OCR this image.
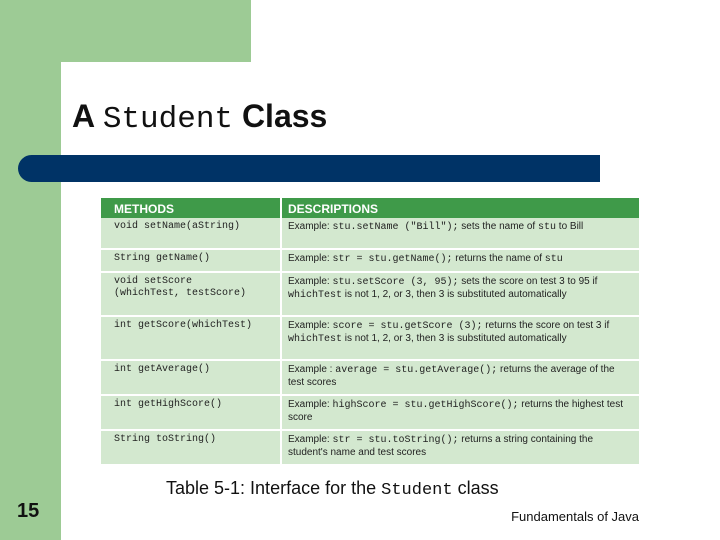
A Student Class
METHODS	DESCRIPTIONS

void setName(aString)	Example: stu.setName ("Bill"); sets the name of stu to Bill

String getName()	Example: str = stu.getName(); returns the name of stu

void setScore
(whichTest, testScore)	Example: stu.setScore (3, 95); sets the score on test 3 to 95 if whichTest is not 1, 2, or 3, then 3 is substituted automatically

int getScore(whichTest)	Example: score = stu.getScore (3); returns the score on test 3 if whichTest is not 1, 2, or 3, then 3 is substituted automatically

int getAverage()	Example : average = stu.getAverage(); returns the average of the test scores

int getHighScore()	Example: highScore = stu.getHighScore(); returns the highest test score

String toString()	Example: str = stu.toString(); returns a string containing the student's name and test scores
Table 5-1: Interface for the Student class
15	Fundamentals of Java
